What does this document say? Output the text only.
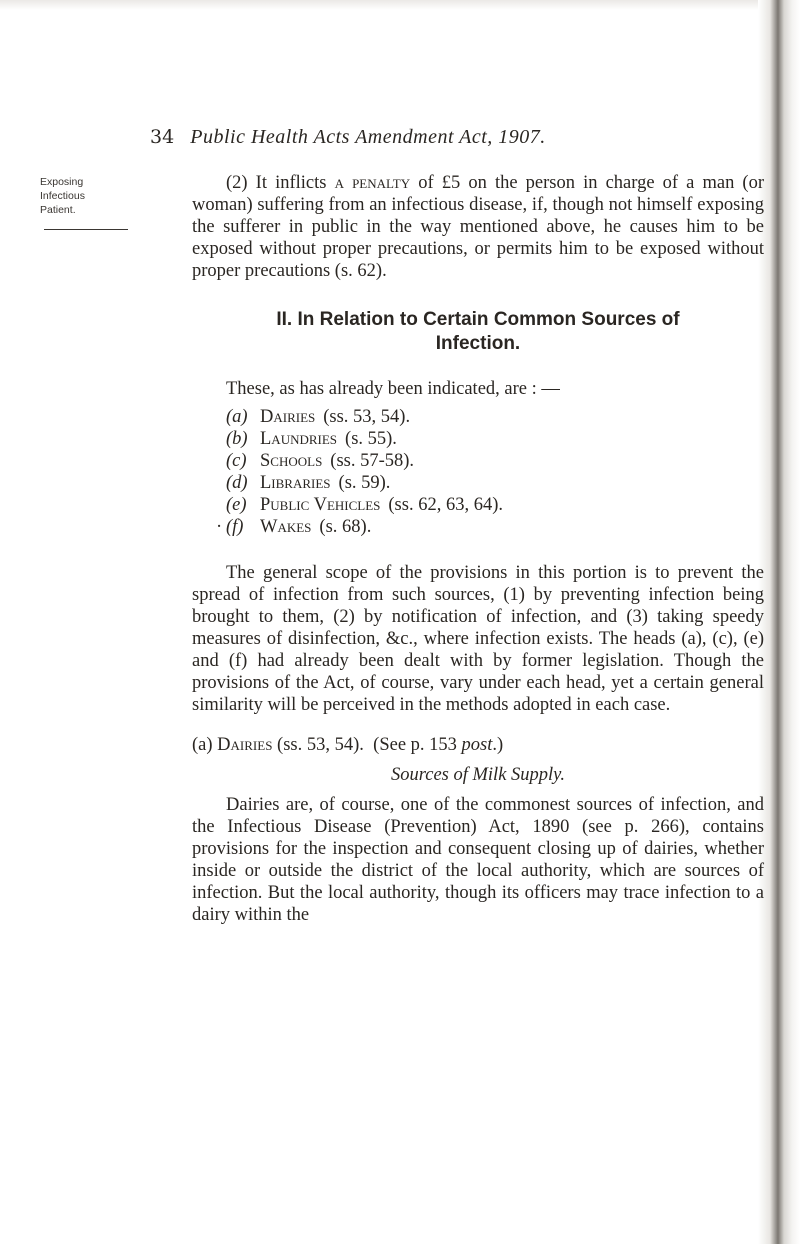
34 Public Health Acts Amendment Act, 1907.
Exposing
Infectious
Patient.

(2) It inflicts a penalty of £5 on the person in charge of a man (or woman) suffering from an infectious disease, if, though not himself exposing the sufferer in public in the way mentioned above, he causes him to be exposed without proper precautions, or permits him to be exposed without proper precautions (s. 62).

II. In Relation to Certain Common Sources of
Infection.

These, as has already been indicated, are : —

(a) Dairies (ss. 53, 54).
(b) Laundries (s. 55).
(c) Schools (ss. 57-58).
(d) Libraries (s. 59).
(e) Public Vehicles (ss. 62, 63, 64).
· (f) Wakes (s. 68).

The general scope of the provisions in this portion is to prevent the spread of infection from such sources, (1) by preventing infection being brought to them, (2) by notification of infection, and (3) taking speedy measures of disinfection, &c., where infection exists. The heads (a), (c), (e) and (f) had already been dealt with by former legislation. Though the provisions of the Act, of course, vary under each head, yet a certain general similarity will be perceived in the methods adopted in each case.

(a) Dairies (ss. 53, 54). (See p. 153 post.)
Sources of Milk Supply.

Dairies are, of course, one of the commonest sources of infection, and the Infectious Disease (Prevention) Act, 1890 (see p. 266), contains provisions for the inspection and consequent closing up of dairies, whether inside or outside the district of the local authority, which are sources of infection. But the local authority, though its officers may trace infection to a dairy within the
